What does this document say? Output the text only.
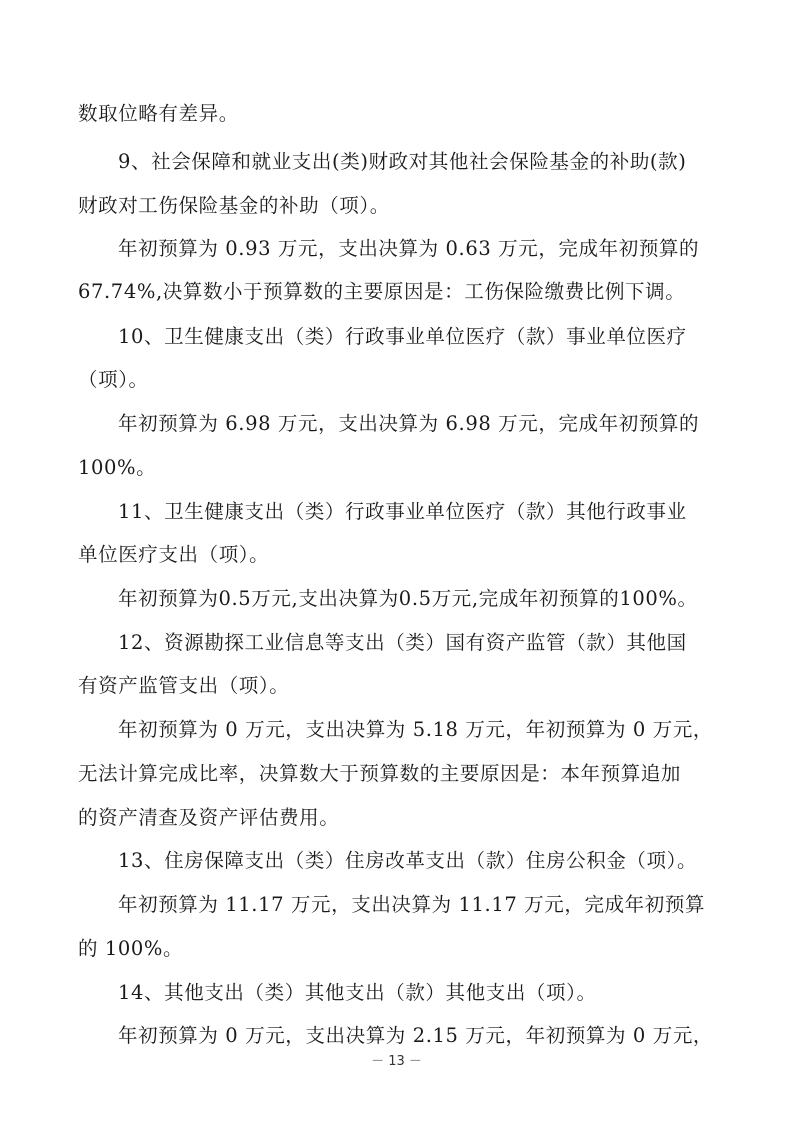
数取位略有差异。
9、社会保障和就业支出(类)财政对其他社会保险基金的补助(款)
财政对工伤保险基金的补助（项）。
年初预算为 0.93 万元，支出决算为 0.63 万元，完成年初预算的
67.74%,决算数小于预算数的主要原因是：工伤保险缴费比例下调。
10、卫生健康支出（类）行政事业单位医疗（款）事业单位医疗
（项）。
年初预算为 6.98 万元，支出决算为 6.98 万元，完成年初预算的
100%。
11、卫生健康支出（类）行政事业单位医疗（款）其他行政事业
单位医疗支出（项）。
年初预算为0.5万元,支出决算为0.5万元,完成年初预算的100%。
12、资源勘探工业信息等支出（类）国有资产监管（款）其他国
有资产监管支出（项）。
年初预算为 0 万元，支出决算为 5.18 万元，年初预算为 0 万元，
无法计算完成比率，决算数大于预算数的主要原因是：本年预算追加
的资产清查及资产评估费用。
13、住房保障支出（类）住房改革支出（款）住房公积金（项）。
年初预算为 11.17 万元，支出决算为 11.17 万元，完成年初预算
的 100%。
14、其他支出（类）其他支出（款）其他支出（项）。
年初预算为 0 万元，支出决算为 2.15 万元，年初预算为 0 万元，
－ 13 －
